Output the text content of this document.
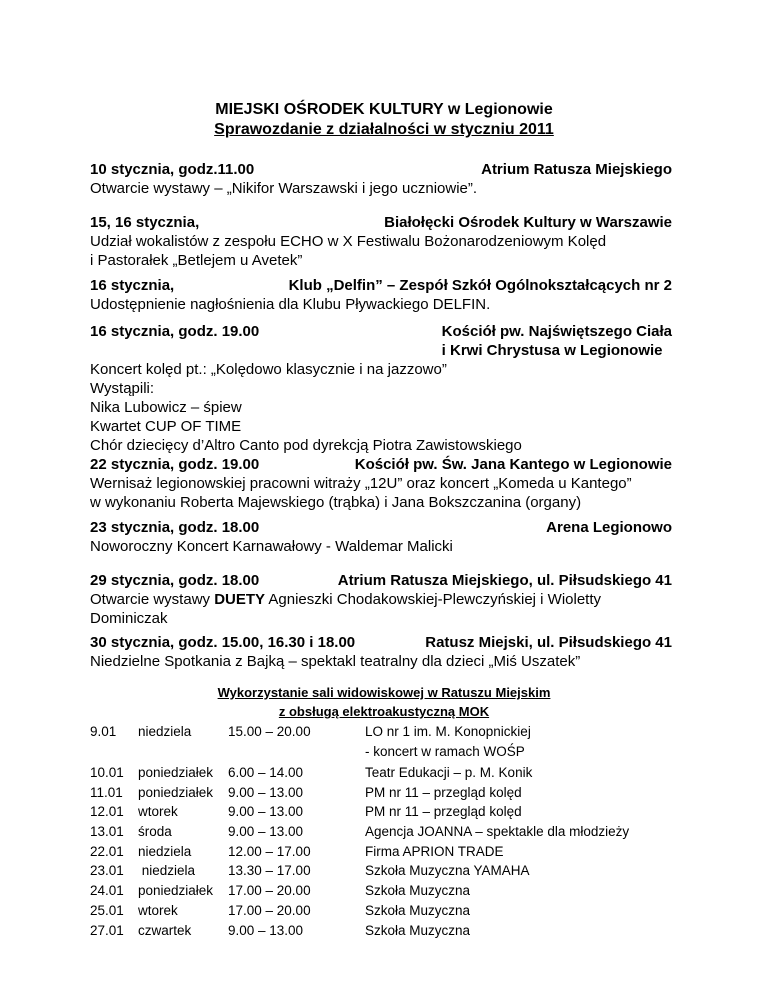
MIEJSKI OŚRODEK KULTURY w Legionowie
Sprawozdanie z działalności w styczniu 2011
10 stycznia, godz.11.00	Atrium Ratusza Miejskiego
Otwarcie wystawy – „Nikifor Warszawski i jego uczniowie”.
15, 16 stycznia,	Białołęcki Ośrodek Kultury w Warszawie
Udział wokalistów z zespołu ECHO w X Festiwalu Bożonarodzeniowym Kolęd
i Pastorałek „Betlejem u Avetek”
16 stycznia,	Klub „Delfin” – Zespół Szkół Ogólnokształcących nr 2
Udostępnienie nagłośnienia dla Klubu Pływackiego DELFIN.
16 stycznia, godz. 19.00	Kościół pw. Najświętszego Ciała
i Krwi Chrystusa w Legionowie
Koncert kolęd pt.: „Kolędowo klasycznie i na jazzowo”
Wystąpili:
Nika Lubowicz – śpiew
Kwartet CUP OF TIME
Chór dziecięcy d’Altro Canto pod dyrekcją Piotra Zawistowskiego
22 stycznia, godz. 19.00	Kościół pw. Św. Jana Kantego w Legionowie
Wernisaż legionowskiej pracowni witraży „12U” oraz koncert „Komeda u Kantego”
w wykonaniu Roberta Majewskiego (trąbka) i Jana Bokszczanina (organy)
23 stycznia, godz. 18.00	Arena Legionowo
Noworoczny Koncert Karnawałowy - Waldemar Malicki
29 stycznia, godz. 18.00	Atrium Ratusza Miejskiego, ul. Piłsudskiego 41
Otwarcie wystawy DUETY Agnieszki Chodakowskiej-Plewczyńskiej i Wioletty
Dominiczak
30 stycznia, godz. 15.00, 16.30 i 18.00	Ratusz Miejski, ul. Piłsudskiego 41
Niedzielne Spotkania z Bajką – spektakl teatralny dla dzieci „Miś Uszatek”
Wykorzystanie sali widowiskowej w Ratuszu Miejskim
z obsługą elektroakustyczną MOK
9.01 niedziela	15.00 – 20.00	LO nr 1 im. M. Konopnickiej
- koncert w ramach WOŚP
10.01 poniedziałek 6.00 – 14.00	Teatr Edukacji – p. M. Konik
11.01 poniedziałek 9.00 – 13.00	PM nr 11 – przegląd kolęd
12.01 wtorek	9.00 – 13.00	PM nr 11 – przegląd kolęd
13.01 środa	9.00 – 13.00	Agencja JOANNA – spektakle dla młodzieży
22.01 niedziela	12.00 – 17.00	Firma APRION TRADE
23.01 niedziela 13.30 – 17.00	Szkoła Muzyczna YAMAHA
24.01 poniedziałek 17.00 – 20.00	Szkoła Muzyczna
25.01 wtorek	17.00 – 20.00	Szkoła Muzyczna
27.01 czwartek	9.00 – 13.00	Szkoła Muzyczna
